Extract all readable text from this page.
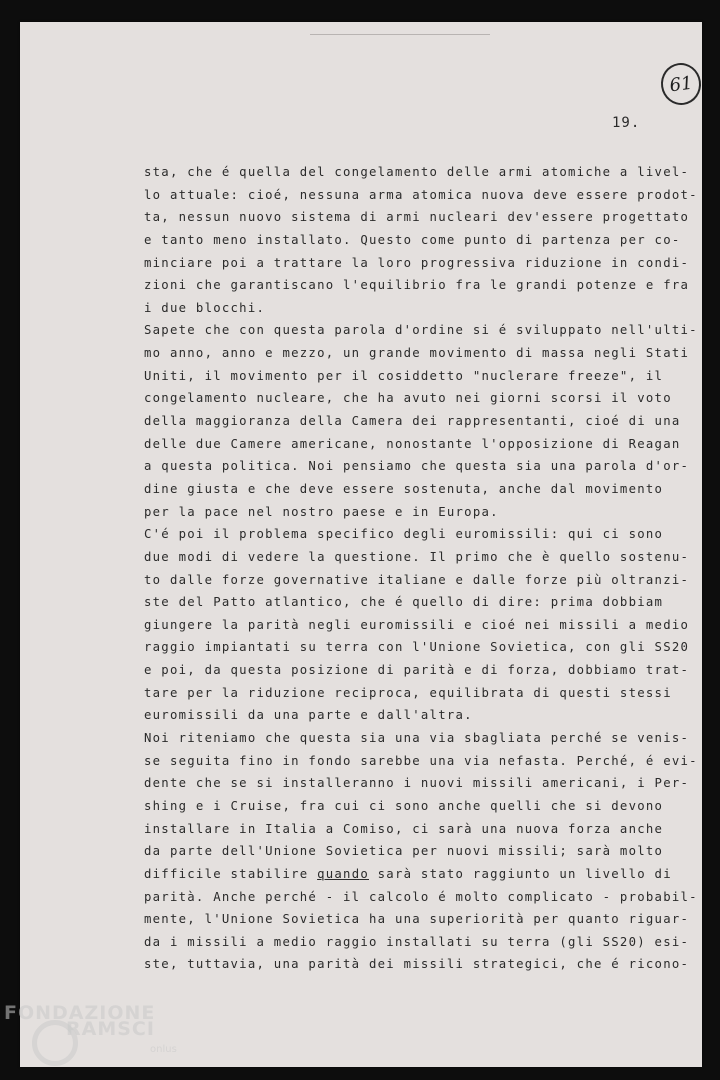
61
19.
sta, che é quella del congelamento delle armi atomiche a livel-
lo attuale: cioé, nessuna arma atomica nuova deve essere prodot-
ta, nessun nuovo sistema di armi nucleari dev'essere progettato
e tanto meno installato. Questo come punto di partenza per co-
minciare poi a trattare la loro progressiva riduzione in condi-
zioni che garantiscano l'equilibrio fra le grandi potenze e fra
i due blocchi.
Sapete che con questa parola d'ordine si é sviluppato nell'ulti-
mo anno, anno e mezzo, un grande movimento di massa negli Stati
Uniti, il movimento per il cosiddetto "nuclerare freeze", il
congelamento nucleare, che ha avuto nei giorni scorsi il voto
della maggioranza della Camera dei rappresentanti, cioé di una
delle due Camere americane, nonostante l'opposizione di Reagan
a questa politica. Noi pensiamo che questa sia una parola d'or-
dine giusta e che deve essere sostenuta, anche dal movimento
per la pace nel nostro paese e in Europa.
C'é poi il problema specifico degli euromissili: qui ci sono
due modi di vedere la questione. Il primo che è quello sostenu-
to dalle forze governative italiane e dalle forze più oltranzi-
ste del Patto atlantico, che é quello di dire: prima dobbiam
giungere la parità negli euromissili e cioé nei missili a medio
raggio impiantati su terra con l'Unione Sovietica, con gli SS20
e poi, da questa posizione di parità e di forza, dobbiamo trat-
tare per la riduzione reciproca, equilibrata di questi stessi
euromissili da una parte e dall'altra.
Noi riteniamo che questa sia una via sbagliata perché se venis-
se seguita fino in fondo sarebbe una via nefasta. Perché, é evi-
dente che se si installeranno i nuovi missili americani, i Per-
shing e i Cruise, fra cui ci sono anche quelli che si devono
installare in Italia a Comiso, ci sarà una nuova forza anche
da parte dell'Unione Sovietica per nuovi missili; sarà molto
difficile stabilire quando sarà stato raggiunto un livello di
parità. Anche perché - il calcolo é molto complicato - probabil-
mente, l'Unione Sovietica ha una superiorità per quanto riguar-
da i missili a medio raggio installati su terra (gli SS20) esi-
ste, tuttavia, una parità dei missili strategici, che é ricono-
FONDAZIONE
RAMSCI
onlus
